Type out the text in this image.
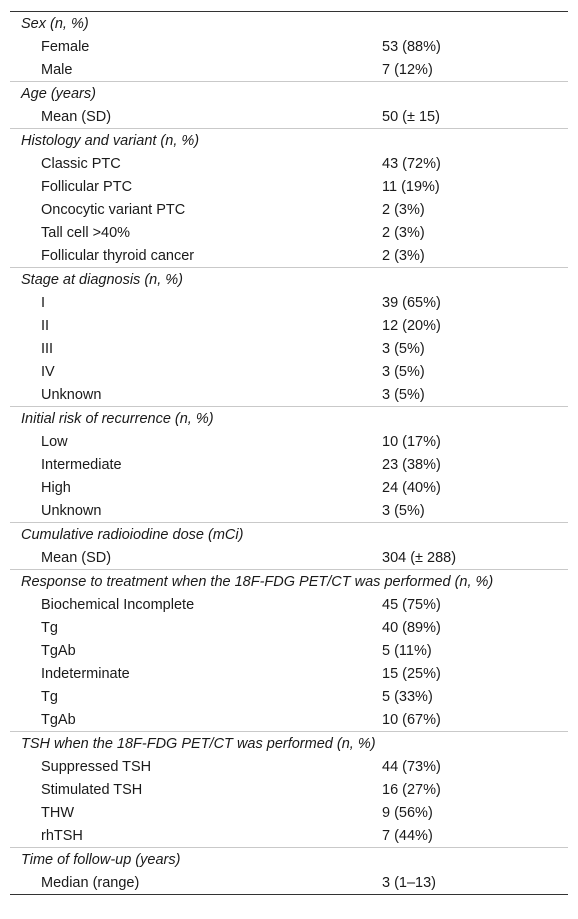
Sex (n, %)	
Female	53 (88%)
Male	7 (12%)
Age (years)	
Mean (SD)	50 (± 15)
Histology and variant (n, %)	
Classic PTC	43 (72%)
Follicular PTC	11 (19%)
Oncocytic variant PTC	2 (3%)
Tall cell >40%	2 (3%)
Follicular thyroid cancer	2 (3%)
Stage at diagnosis (n, %)	
I	39 (65%)
II	12 (20%)
III	3 (5%)
IV	3 (5%)
Unknown	3 (5%)
Initial risk of recurrence (n, %)	
Low	10 (17%)
Intermediate	23 (38%)
High	24 (40%)
Unknown	3 (5%)
Cumulative radioiodine dose (mCi)	
Mean (SD)	304 (± 288)
Response to treatment when the 18F-FDG PET/CT was performed (n, %)	
Biochemical Incomplete	45 (75%)
Tg	40 (89%)
TgAb	5 (11%)
Indeterminate	15 (25%)
Tg	5 (33%)
TgAb	10 (67%)
TSH when the 18F-FDG PET/CT was performed (n, %)	
Suppressed TSH	44 (73%)
Stimulated TSH	16 (27%)
THW	9 (56%)
rhTSH	7 (44%)
Time of follow-up (years)	
Median (range)	3 (1–13)
